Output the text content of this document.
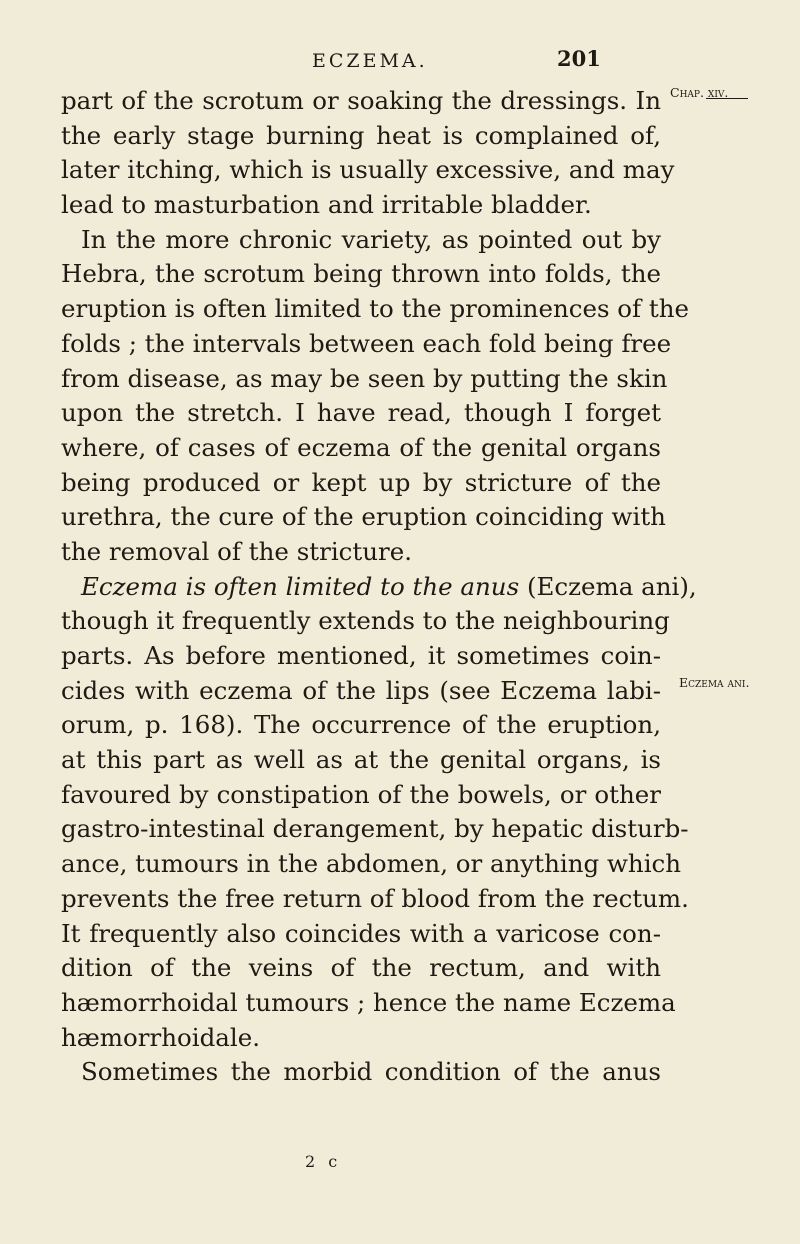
ECZEMA.	201
Chap. xiv.
Eczema ani.
part of the scrotum or soaking the dressings. In
the early stage burning heat is complained of,
later itching, which is usually excessive, and may
lead to masturbation and irritable bladder.
In the more chronic variety, as pointed out by
Hebra, the scrotum being thrown into folds, the
eruption is often limited to the prominences of the
folds ; the intervals between each fold being free
from disease, as may be seen by putting the skin
upon the stretch. I have read, though I forget
where, of cases of eczema of the genital organs
being produced or kept up by stricture of the
urethra, the cure of the eruption coinciding with
the removal of the stricture.
Eczema is often limited to the anus (Eczema ani),
though it frequently extends to the neighbouring
parts. As before mentioned, it sometimes coin-
cides with eczema of the lips (see Eczema labi-
orum, p. 168). The occurrence of the eruption,
at this part as well as at the genital organs, is
favoured by constipation of the bowels, or other
gastro-intestinal derangement, by hepatic disturb-
ance, tumours in the abdomen, or anything which
prevents the free return of blood from the rectum.
It frequently also coincides with a varicose con-
dition of the veins of the rectum, and with
hæmorrhoidal tumours ; hence the name Eczema
hæmorrhoidale.
Sometimes the morbid condition of the anus
2 c
